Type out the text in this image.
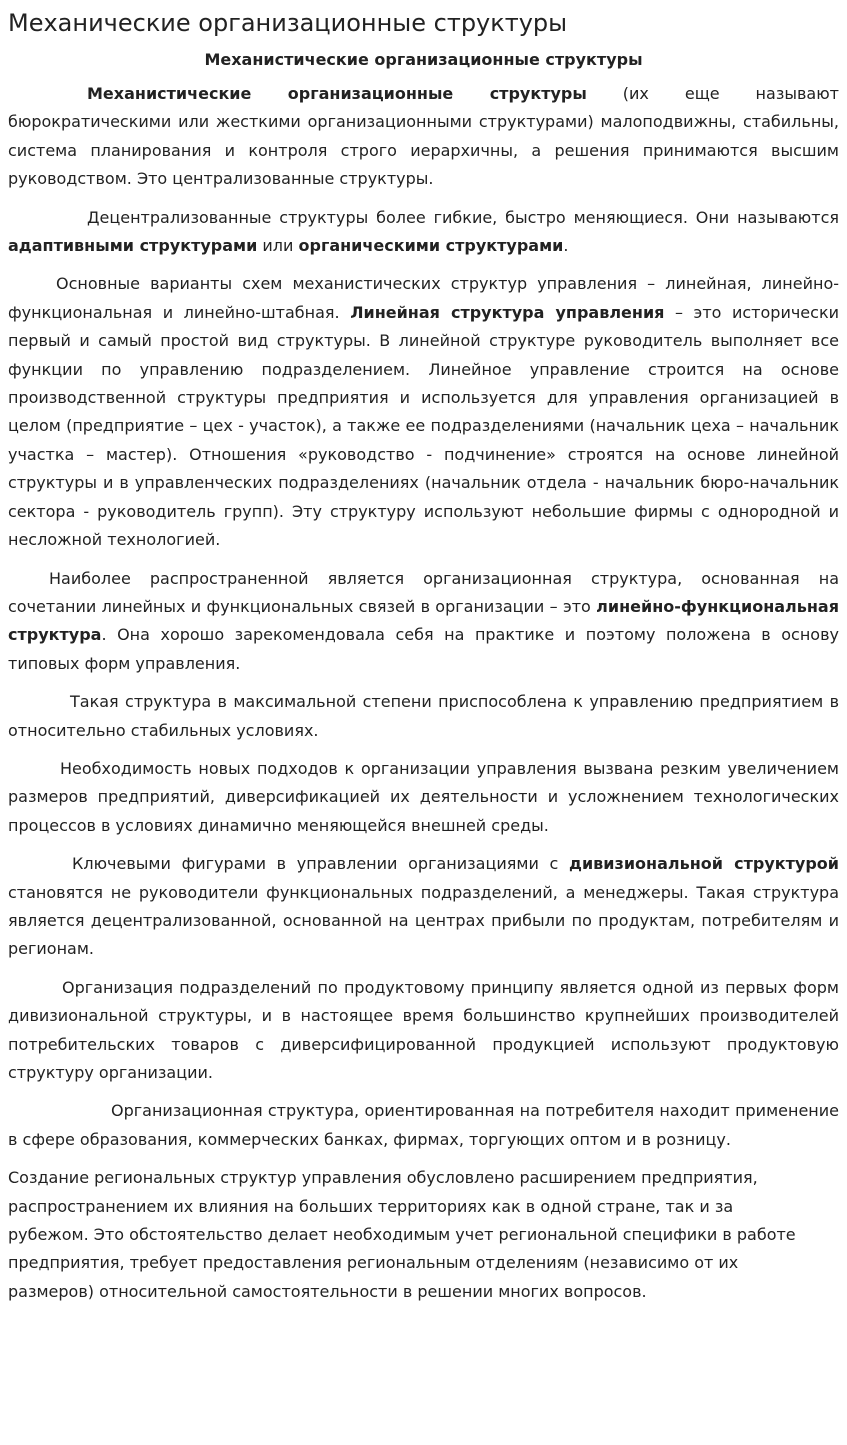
Механические организационные структуры
Механистические организационные структуры

Механистические организационные структуры (их еще называют бюрократическими или жесткими организационными структурами) малоподвижны, стабильны, система планирования и контроля строго иерархичны, а решения принимаются высшим руководством. Это централизованные структуры.

Децентрализованные структуры более гибкие, быстро меняющиеся. Они называются адаптивными структурами или органическими структурами.

Основные варианты схем механистических структур управления – линейная, линейно-функциональная и линейно-штабная. Линейная структура управления – это исторически первый и самый простой вид структуры. В линейной структуре руководитель выполняет все функции по управлению подразделением. Линейное управление строится на основе производственной структуры предприятия и используется для управления организацией в целом (предприятие – цех - участок), а также ее подразделениями (начальник цеха – начальник участка – мастер). Отношения «руководство - подчинение» строятся на основе линейной структуры и в управленческих подразделениях (начальник отдела - начальник бюро-начальник сектора - руководитель групп). Эту структуру используют небольшие фирмы с однородной и несложной технологией.

Наиболее распространенной является организационная структура, основанная на сочетании линейных и функциональных связей в организации – это линейно-функциональная структура. Она хорошо зарекомендовала себя на практике и поэтому положена в основу типовых форм управления.

Такая структура в максимальной степени приспособлена к управлению предприятием в относительно стабильных условиях.

Необходимость новых подходов к организации управления вызвана резким увеличением размеров предприятий, диверсификацией их деятельности и усложнением технологических процессов в условиях динамично меняющейся внешней среды.

Ключевыми фигурами в управлении организациями с дивизиональной структурой становятся не руководители функциональных подразделений, а менеджеры. Такая структура является децентрализованной, основанной на центрах прибыли по продуктам, потребителям и регионам.

Организация подразделений по продуктовому принципу является одной из первых форм дивизиональной структуры, и в настоящее время большинство крупнейших производителей потребительских товаров с диверсифицированной продукцией используют продуктовую структуру организации.

Организационная структура, ориентированная на потребителя находит применение в сфере образования, коммерческих банках, фирмах, торгующих оптом и в розницу.

Создание региональных структур управления обусловлено расширением предприятия, распространением их влияния на больших территориях как в одной стране, так и за рубежом. Это обстоятельство делает необходимым учет региональной специфики в работе предприятия, требует предоставления региональным отделениям (независимо от их размеров) относительной самостоятельности в решении многих вопросов.
